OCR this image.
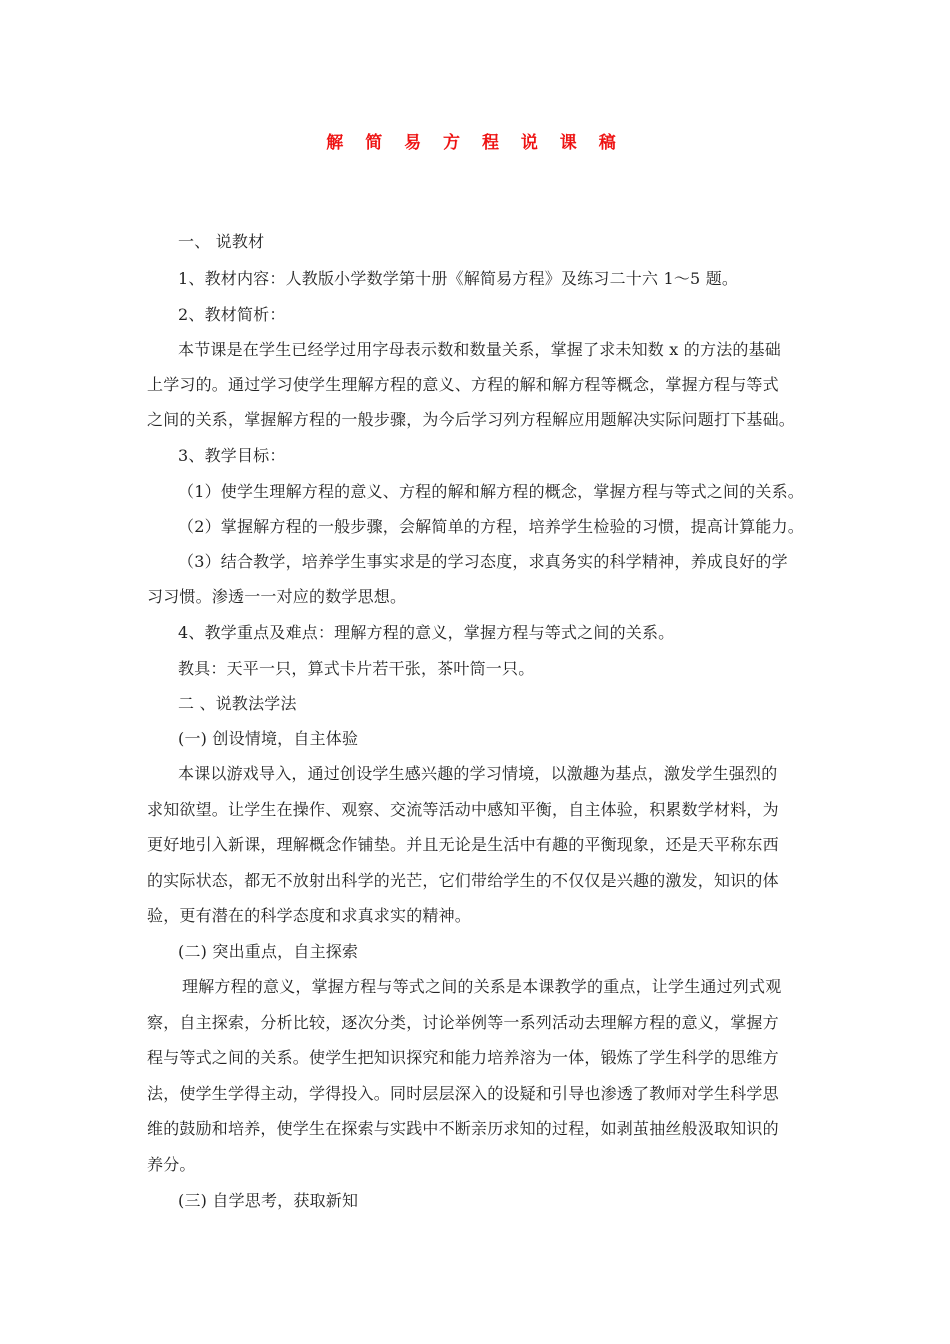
解 简 易 方 程 说 课 稿
一、 说教材
1、教材内容：人教版小学数学第十册《解简易方程》及练习二十六 1～5 题。
2、教材简析：
本节课是在学生已经学过用字母表示数和数量关系，掌握了求未知数 x 的方法的基础
上学习的。通过学习使学生理解方程的意义、方程的解和解方程等概念，掌握方程与等式
之间的关系，掌握解方程的一般步骤，为今后学习列方程解应用题解决实际问题打下基础。
3、教学目标：
（1）使学生理解方程的意义、方程的解和解方程的概念，掌握方程与等式之间的关系。
（2）掌握解方程的一般步骤，会解简单的方程，培养学生检验的习惯，提高计算能力。
（3）结合教学，培养学生事实求是的学习态度，求真务实的科学精神，养成良好的学
习习惯。渗透一一对应的数学思想。
4、教学重点及难点：理解方程的意义，掌握方程与等式之间的关系。
教具：天平一只，算式卡片若干张，茶叶筒一只。
二 、说教法学法
(一) 创设情境，自主体验
本课以游戏导入，通过创设学生感兴趣的学习情境，以激趣为基点，激发学生强烈的
求知欲望。让学生在操作、观察、交流等活动中感知平衡，自主体验，积累数学材料，为
更好地引入新课，理解概念作铺垫。并且无论是生活中有趣的平衡现象，还是天平称东西
的实际状态，都无不放射出科学的光芒，它们带给学生的不仅仅是兴趣的激发，知识的体
验，更有潜在的科学态度和求真求实的精神。
(二) 突出重点，自主探索
理解方程的意义，掌握方程与等式之间的关系是本课教学的重点，让学生通过列式观
察，自主探索，分析比较，逐次分类，讨论举例等一系列活动去理解方程的意义，掌握方
程与等式之间的关系。使学生把知识探究和能力培养溶为一体，锻炼了学生科学的思维方
法，使学生学得主动，学得投入。同时层层深入的设疑和引导也渗透了教师对学生科学思
维的鼓励和培养，使学生在探索与实践中不断亲历求知的过程，如剥茧抽丝般汲取知识的
养分。
(三) 自学思考，获取新知
